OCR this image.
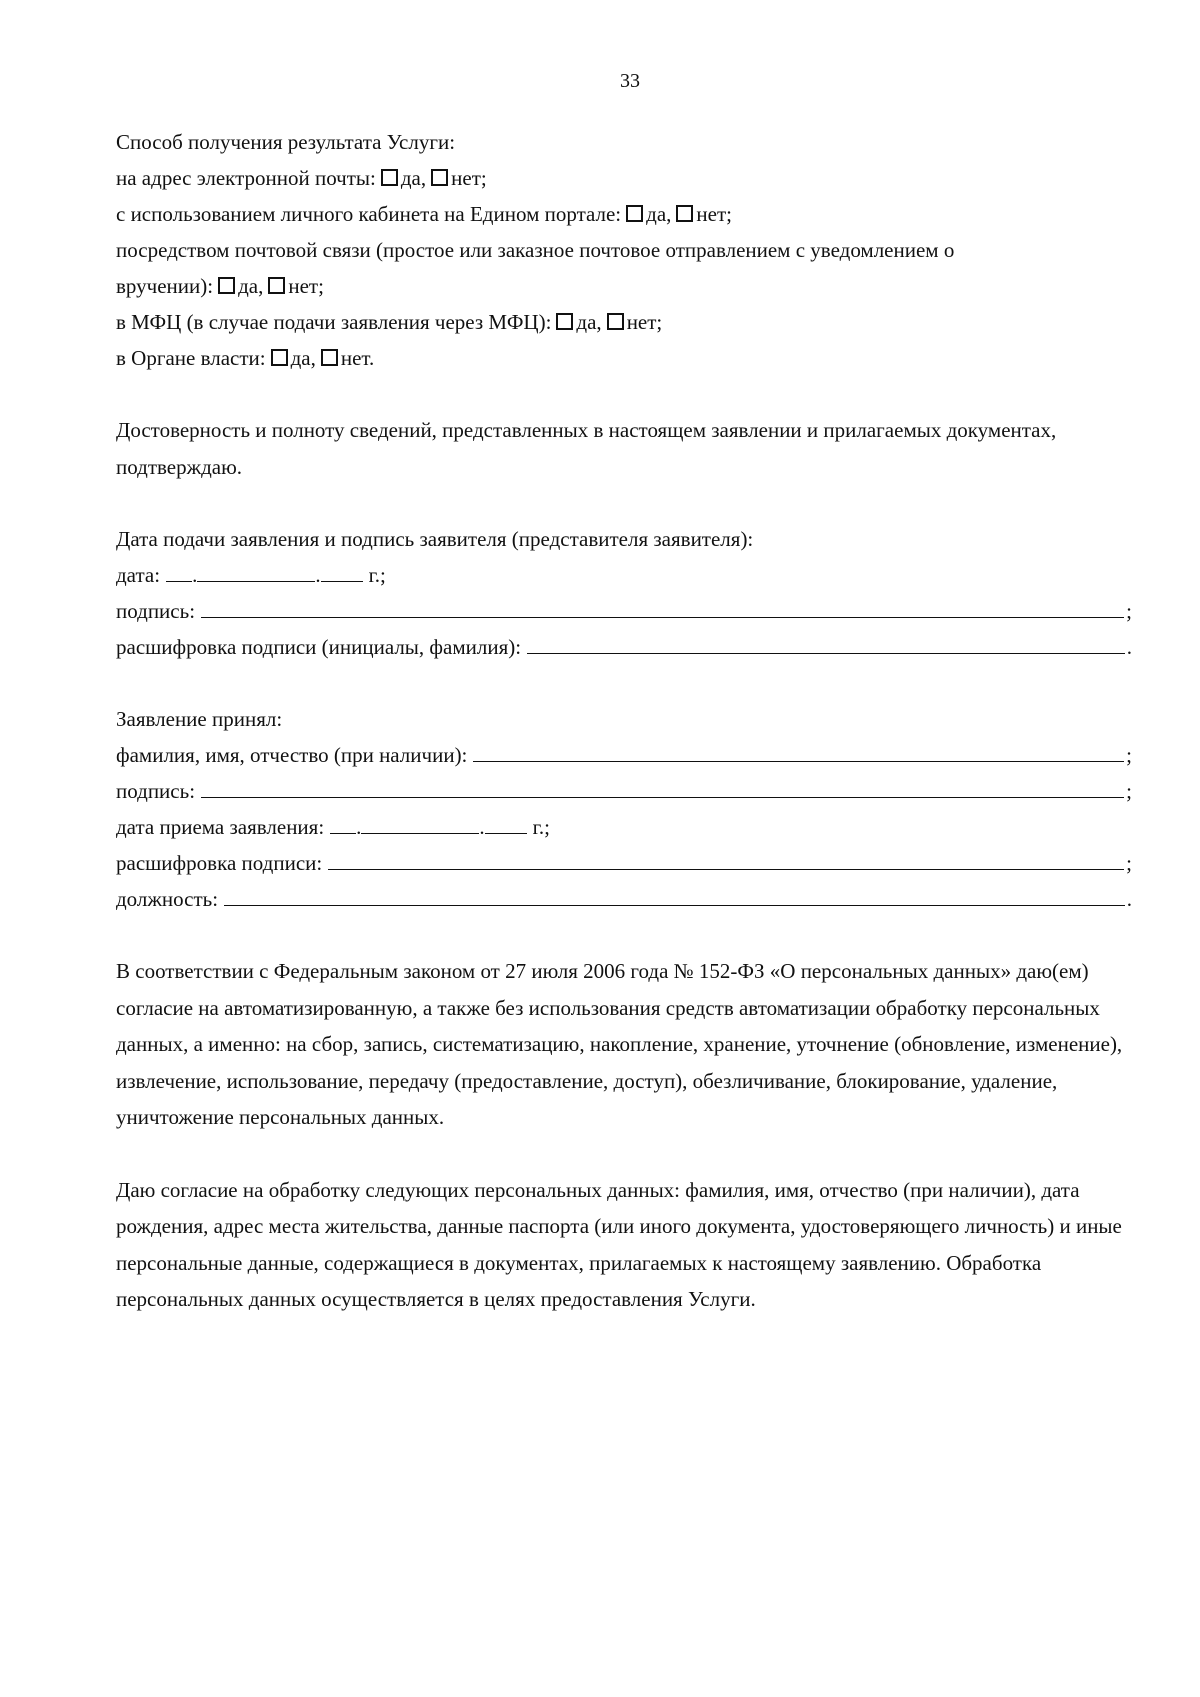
33
Способ получения результата Услуги:
на адрес электронной почты: да, нет;
с использованием личного кабинета на Едином портале: да, нет;
посредством почтовой связи (простое или заказное почтовое отправлением с уведомлением о
вручении): да, нет;
в МФЦ (в случае подачи заявления через МФЦ): да, нет;
в Органе власти: да, нет.
Достоверность и полноту сведений, представленных в настоящем заявлении и прилагаемых документах, подтверждаю.
Дата подачи заявления и подпись заявителя (представителя заявителя):
дата: .	. г.;
подпись:	;
расшифровка подписи (инициалы, фамилия):	.
Заявление принял:
фамилия, имя, отчество (при наличии):	;
подпись:	;
дата приема заявления: .	. г.;
расшифровка подписи:	;
должность:	.
В соответствии с Федеральным законом от 27 июля 2006 года № 152-ФЗ «О персональных данных» даю(ем) согласие на автоматизированную, а также без использования средств автоматизации обработку персональных данных, а именно: на сбор, запись, систематизацию, накопление, хранение, уточнение (обновление, изменение), извлечение, использование, передачу (предоставление, доступ), обезличивание, блокирование, удаление, уничтожение персональных данных.
Даю согласие на обработку следующих персональных данных: фамилия, имя, отчество (при наличии), дата рождения, адрес места жительства, данные паспорта (или иного документа, удостоверяющего личность) и иные персональные данные, содержащиеся в документах, прилагаемых к настоящему заявлению. Обработка персональных данных осуществляется в целях предоставления Услуги.
